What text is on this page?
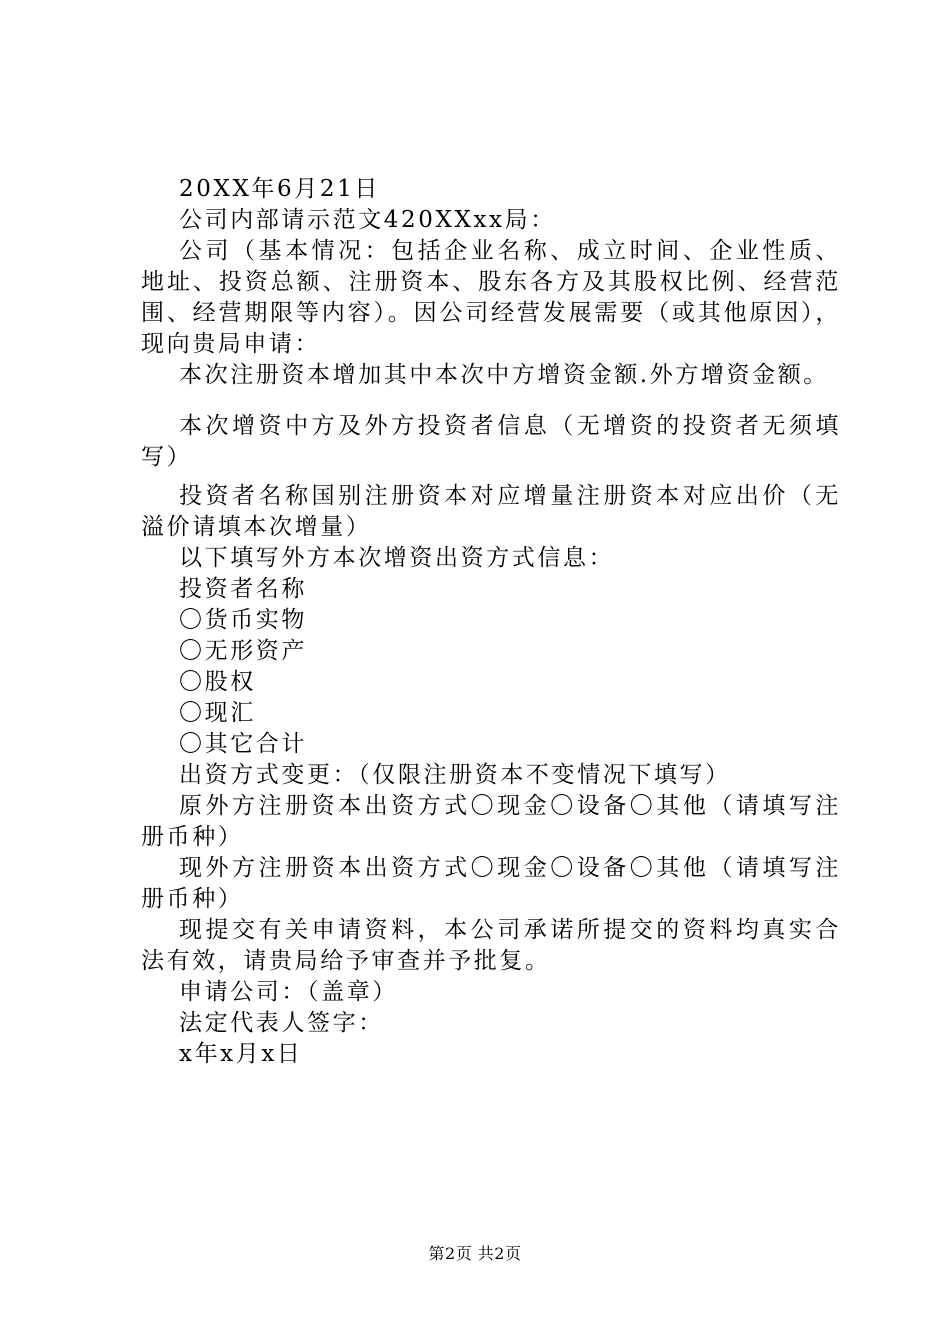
20XX年6月21日

公司内部请示范文420XXxx局：

公司（基本情况：包括企业名称、成立时间、企业性质、地址、投资总额、注册资本、股东各方及其股权比例、经营范围、经营期限等内容）。因公司经营发展需要（或其他原因），现向贵局申请：

本次注册资本增加其中本次中方增资金额.外方增资金额。

本次增资中方及外方投资者信息（无增资的投资者无须填写）

投资者名称国别注册资本对应增量注册资本对应出价（无溢价请填本次增量）

以下填写外方本次增资出资方式信息：

投资者名称

〇货币实物

〇无形资产

〇股权

〇现汇

〇其它合计

出资方式变更：（仅限注册资本不变情况下填写）

原外方注册资本出资方式〇现金〇设备〇其他（请填写注册币种）

现外方注册资本出资方式〇现金〇设备〇其他（请填写注册币种）

现提交有关申请资料，本公司承诺所提交的资料均真实合法有效，请贵局给予审查并予批复。

申请公司：（盖章）

法定代表人签字：

x年x月x日

第2页 共2页
